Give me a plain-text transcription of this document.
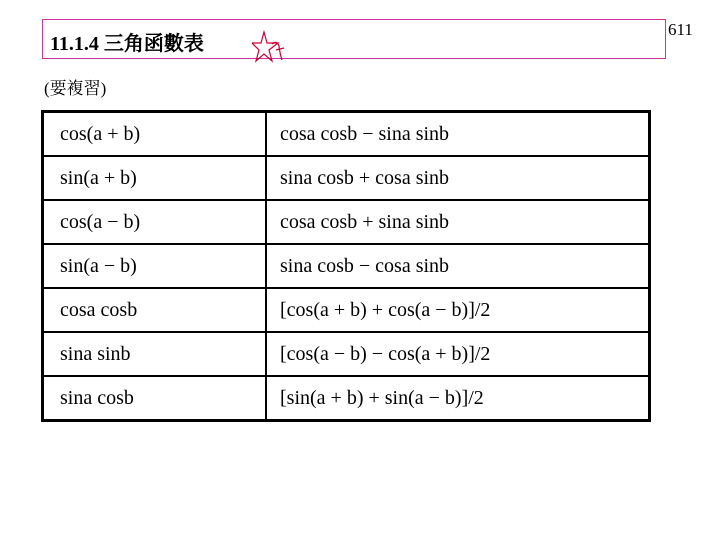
11.1.4 三角函數表
611
(要複習)
cos(a + b)	cosa cosb − sina sinb
sin(a + b)	sina cosb + cosa sinb
cos(a − b)	cosa cosb + sina sinb
sin(a − b)	sina cosb − cosa sinb
cosa cosb	[cos(a + b) + cos(a − b)]/2
sina sinb	[cos(a − b) − cos(a + b)]/2
sina cosb	[sin(a + b) + sin(a − b)]/2
